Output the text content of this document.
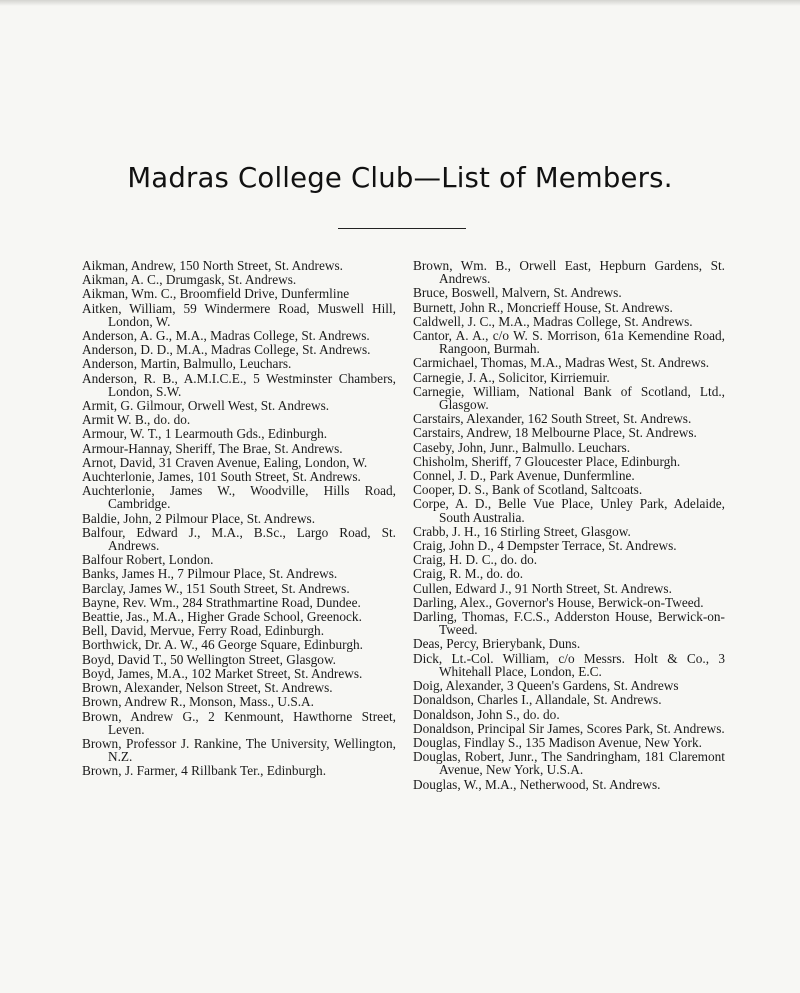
Madras College Club—List of Members.

Aikman, Andrew, 150 North Street, St. Andrews.

Aikman, A. C., Drumgask, St. Andrews.

Aikman, Wm. C., Broomfield Drive, Dunfermline

Aitken, William, 59 Windermere Road, Muswell Hill, London, W.

Anderson, A. G., M.A., Madras College, St. Andrews.

Anderson, D. D., M.A., Madras College, St. Andrews.

Anderson, Martin, Balmullo, Leuchars.

Anderson, R. B., A.M.I.C.E., 5 Westminster Chambers, London, S.W.

Armit, G. Gilmour, Orwell West, St. Andrews.

Armit W. B., do. do.

Armour, W. T., 1 Learmouth Gds., Edinburgh.

Armour-Hannay, Sheriff, The Brae, St. Andrews.

Arnot, David, 31 Craven Avenue, Ealing, London, W.

Auchterlonie, James, 101 South Street, St. Andrews.

Auchterlonie, James W., Woodville, Hills Road, Cambridge.

Baldie, John, 2 Pilmour Place, St. Andrews.

Balfour, Edward J., M.A., B.Sc., Largo Road, St. Andrews.

Balfour Robert, London.

Banks, James H., 7 Pilmour Place, St. Andrews.

Barclay, James W., 151 South Street, St. Andrews.

Bayne, Rev. Wm., 284 Strathmartine Road, Dundee.

Beattie, Jas., M.A., Higher Grade School, Greenock.

Bell, David, Mervue, Ferry Road, Edinburgh.

Borthwick, Dr. A. W., 46 George Square, Edinburgh.

Boyd, David T., 50 Wellington Street, Glasgow.

Boyd, James, M.A., 102 Market Street, St. Andrews.

Brown, Alexander, Nelson Street, St. Andrews.

Brown, Andrew R., Monson, Mass., U.S.A.

Brown, Andrew G., 2 Kenmount, Hawthorne Street, Leven.

Brown, Professor J. Rankine, The University, Wellington, N.Z.

Brown, J. Farmer, 4 Rillbank Ter., Edinburgh.

Brown, Wm. B., Orwell East, Hepburn Gardens, St. Andrews.

Bruce, Boswell, Malvern, St. Andrews.

Burnett, John R., Moncrieff House, St. Andrews.

Caldwell, J. C., M.A., Madras College, St. Andrews.

Cantor, A. A., c/o W. S. Morrison, 61a Kemendine Road, Rangoon, Burmah.

Carmichael, Thomas, M.A., Madras West, St. Andrews.

Carnegie, J. A., Solicitor, Kirriemuir.

Carnegie, William, National Bank of Scotland, Ltd., Glasgow.

Carstairs, Alexander, 162 South Street, St. Andrews.

Carstairs, Andrew, 18 Melbourne Place, St. Andrews.

Caseby, John, Junr., Balmullo. Leuchars.

Chisholm, Sheriff, 7 Gloucester Place, Edinburgh.

Connel, J. D., Park Avenue, Dunfermline.

Cooper, D. S., Bank of Scotland, Saltcoats.

Corpe, A. D., Belle Vue Place, Unley Park, Adelaide, South Australia.

Crabb, J. H., 16 Stirling Street, Glasgow.

Craig, John D., 4 Dempster Terrace, St. Andrews.

Craig, H. D. C., do. do.

Craig, R. M., do. do.

Cullen, Edward J., 91 North Street, St. Andrews.

Darling, Alex., Governor's House, Berwick-on-Tweed.

Darling, Thomas, F.C.S., Adderston House, Berwick-on-Tweed.

Deas, Percy, Brierybank, Duns.

Dick, Lt.-Col. William, c/o Messrs. Holt & Co., 3 Whitehall Place, London, E.C.

Doig, Alexander, 3 Queen's Gardens, St. Andrews

Donaldson, Charles I., Allandale, St. Andrews.

Donaldson, John S., do. do.

Donaldson, Principal Sir James, Scores Park, St. Andrews.

Douglas, Findlay S., 135 Madison Avenue, New York.

Douglas, Robert, Junr., The Sandringham, 181 Claremont Avenue, New York, U.S.A.

Douglas, W., M.A., Netherwood, St. Andrews.
